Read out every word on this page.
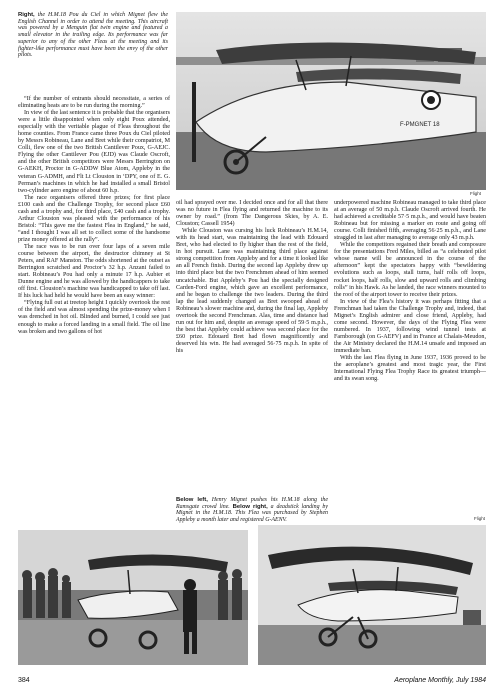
Right, the H.M.18 Pou du Ciel in which Mignet flew the English Channel in order to attend the meeting. This aircraft was powered by a Menguin flat twin engine and featured a small elevator in the trailing edge. Its performance was far superior to any of the other Fleas at the meeting and its fighter-like performance must have been the envy of the other pilots.
F-PMGNET 18
Flight

“If the number of entrants should necessitate, a series of eliminating heats are to be run during the morning.”

In view of the last sentence it is probable that the organisers were a little disappointed when only eight Poux attended, especially with the veritable plague of Fleas throughout the home counties. From France came three Poux du Ciel piloted by Messrs Robineau, Lane and Bret while their compatriot, M Colli, flew one of the two British Cantilever Poux, G-AEJC. Flying the other Cantilever Pou (EJD) was Claude Oscroft, and the other British competitors were Messrs Berrington on G-AEKH, Proctor in G-ADDW Blue Atom, Appleby in the veteran G-ADMH, and Flt Lt Clouston in ‘DPY, one of E. G. Perman’s machines in which he had installed a small Bristol two-cylinder aero engine of about 60 h.p.

The race organisers offered three prizes; for first place £100 cash and the Challenge Trophy, for second place £60 cash and a trophy and, for third place, £40 cash and a trophy. Arthur Clouston was pleased with the performance of his Bristol: “This gave me the fastest Flea in England,” he said, “and I thought I was all set to collect some of the handsome prize money offered at the rally”.

The race was to be run over four laps of a seven mile course between the airport, the destructor chimney at St Peters, and RAF Manston. The odds shortened at the outset as Berrington scratched and Proctor’s 32 h.p. Anzani failed to start. Robineau’s Pou had only a minute 17 h.p. Aubier et Dunne engine and he was allowed by the handicappers to take off first. Clouston’s machine was handicapped to take off last. If his luck had held he would have been an easy winner:

“Flying full out at treetop height I quickly overtook the rest of the field and was almost spending the prize-money when I was drenched in hot oil. Blinded and burned, I could see just enough to make a forced landing in a small field. The oil line was broken and two gallons of hot

oil had sprayed over me. I decided once and for all that there was no future in Flea flying and returned the machine to its owner by road.” (from The Dangerous Skies, by A. E. Clouston; Cassell 1954)

While Clouston was cursing his luck Robineau’s H.M.14, with its head start, was maintaining the lead with Edouard Bret, who had elected to fly higher than the rest of the field, in hot pursuit. Lane was maintaining third place against strong competition from Appleby and for a time it looked like an all French finish. During the second lap Appleby drew up into third place but the two Frenchmen ahead of him seemed uncatchable. But Appleby’s Pou had the specially designed Carden-Ford engine, which gave an excellent performance, and he began to challenge the two leaders. During the third lap the lead suddenly changed as Bret swooped ahead of Robineau’s slower machine and, during the final lap, Appleby overtook the second Frenchman. Alas, time and distance had run out for him and, despite an average speed of 59·5 m.p.h., the best that Appleby could achieve was second place for the £60 prize. Edouard Bret had flown magnificently and deserved his win. He had averaged 56·75 m.p.h. In spite of his

Below left, Henry Mignet pushes his H.M.18 along the Ramsgate crowd line. Below right, a deadstick landing by Mignet in the H.M.18. This Flea was purchased by Stephen Appleby a month later and registered G-AENV.

underpowered machine Robineau managed to take third place at an average of 50 m.p.h. Claude Oscroft arrived fourth. He had achieved a creditable 57·5 m.p.h., and would have beaten Robineau but for missing a marker en route and going off course. Colli finished fifth, averaging 56·25 m.p.h., and Lane straggled in last after managing to average only 43 m.p.h.

While the competitors regained their breath and composure for the presentations Fred Miles, billed as “a celebrated pilot whose name will be announced in the course of the afternoon” kept the spectators happy with “bewildering evolutions such as loops, stall turns, half rolls off loops, rocket loops, half rolls, slow and upward rolls and climbing rolls” in his Hawk. As he landed, the race winners mounted to the roof of the airport tower to receive their prizes.

In view of the Flea’s history it was perhaps fitting that a Frenchman had taken the Challenge Trophy and, indeed, that Mignet’s English admirer and close friend, Appleby, had come second. However, the days of the Flying Flea were numbered. In 1937, following wind tunnel tests at Farnborough (on G-AEFV) and in France at Chalais-Meudon, the Air Ministry declared the H.M.14 unsafe and imposed an immediate ban.

With the last Flea flying in June 1937, 1936 proved to be the aeroplane’s greatest and most tragic year, the First International Flying Flea Trophy Race its greatest triumph—and its swan song.

Flight
384	Aeroplane Monthly, July 1984
